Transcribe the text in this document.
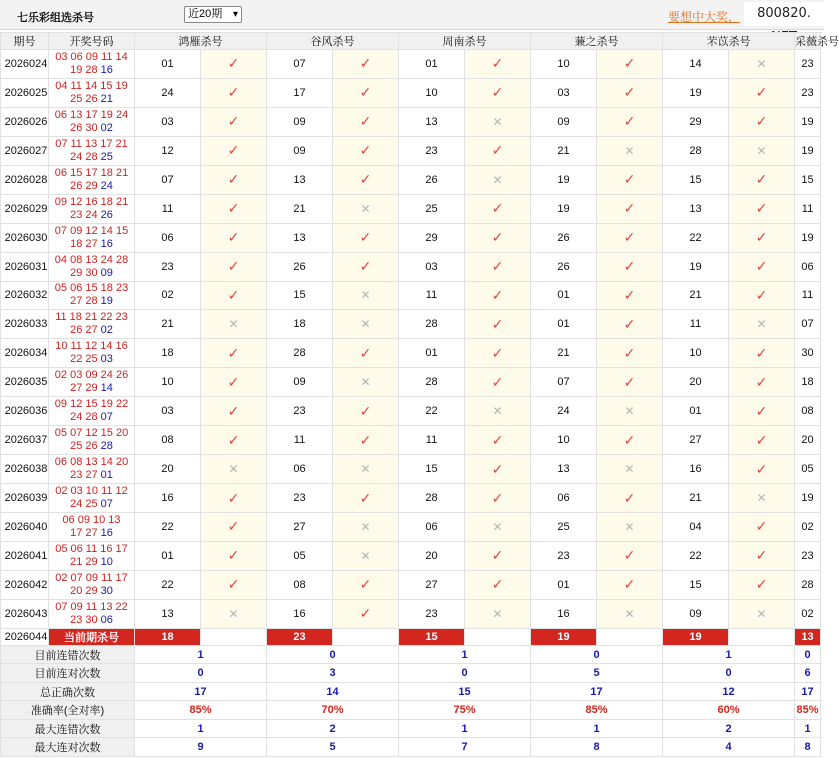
七乐彩组选杀号	近20期 ▾	要想中大奖，	800820.
期号	开奖号码	鸿雁杀号		谷风杀号		周南杀号		蒹之杀号		芣苡杀号		采薇杀号					
2026024	03 06 09 11 14
19 28 16	01	✓	07	✓	01	✓	10	✓	14	✕	23										
2026025	04 11 14 15 19
25 26 21	24	✓	17	✓	10	✓	03	✓	19	✓	23										
2026026	06 13 17 19 24
26 30 02	03	✓	09	✓	13	✕	09	✓	29	✓	19										
2026027	07 11 13 17 21
24 28 25	12	✓	09	✓	23	✓	21	✕	28	✕	19										
2026028	06 15 17 18 21
26 29 24	07	✓	13	✓	26	✕	19	✓	15	✓	15										
2026029	09 12 16 18 21
23 24 26	11	✓	21	✕	25	✓	19	✓	13	✓	11										
2026030	07 09 12 14 15
18 27 16	06	✓	13	✓	29	✓	26	✓	22	✓	19										
2026031	04 08 13 24 28
29 30 09	23	✓	26	✓	03	✓	26	✓	19	✓	06										
2026032	05 06 15 18 23
27 28 19	02	✓	15	✕	11	✓	01	✓	21	✓	11										
2026033	11 18 21 22 23
26 27 02	21	✕	18	✕	28	✓	01	✓	11	✕	07										
2026034	10 11 12 14 16
22 25 03	18	✓	28	✓	01	✓	21	✓	10	✓	30										
2026035	02 03 09 24 26
27 29 14	10	✓	09	✕	28	✓	07	✓	20	✓	18										
2026036	09 12 15 19 22
24 28 07	03	✓	23	✓	22	✕	24	✕	01	✓	08										
2026037	05 07 12 15 20
25 26 28	08	✓	11	✓	11	✓	10	✓	27	✓	20										
2026038	06 08 13 14 20
23 27 01	20	✕	06	✕	15	✓	13	✕	16	✓	05										
2026039	02 03 10 11 12
24 25 07	16	✓	23	✓	28	✓	06	✓	21	✕	19										
2026040	06 09 10 13
17 27 16	22	✓	27	✕	06	✕	25	✕	04	✓	02										
2026041	05 06 11 16 17
21 29 10	01	✓	05	✕	20	✓	23	✓	22	✓	23										
2026042	02 07 09 11 17
20 29 30	22	✓	08	✓	27	✓	01	✓	15	✓	28										
2026043	07 09 11 13 22
23 30 06	13	✕	16	✓	23	✕	16	✕	09	✕	02										
2026044	当前期杀号	18		23		15		19		19		13										
目前连错次数		1		0		1		0		1		0					
目前连对次数		0		3		0		5		0		6					
总正确次数		17		14		15		17		12		17					
准确率(全对率)		85%		70%		75%		85%		60%		85%					
最大连错次数		1		2		1		1		2		1					
最大连对次数		9		5		7		8		4		8					
